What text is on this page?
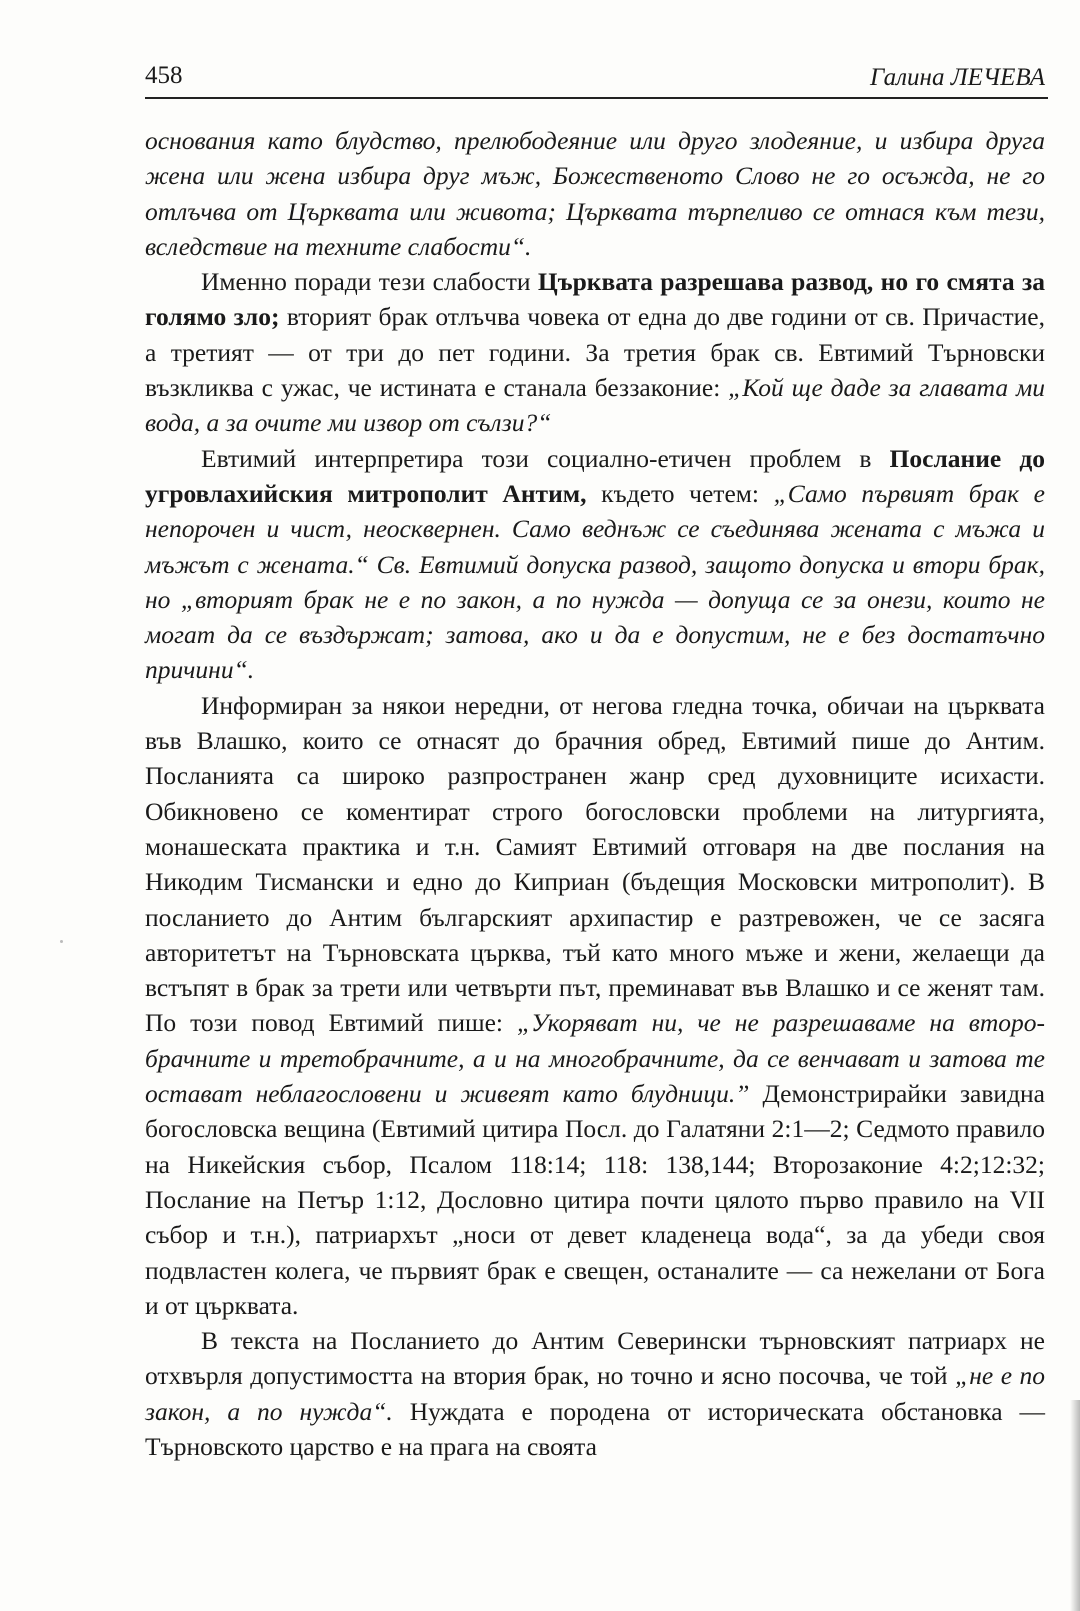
458	Галина ЛЕЧЕВА

основания като блудство, прелюбодеяние или друго злодеяние, и избира друга жена или жена избира друг мъж, Божественото Слово не го осъжда, не го отлъчва от Църквата или живота; Църквата търпеливо се отнася към тези, вследствие на техните слабости“.

Именно поради тези слабости Църквата разрешава развод, но го смята за голямо зло; вторият брак отлъчва човека от една до две години от св. Причастие, а третият — от три до пет години. За третия брак св. Евтимий Търновски възкликва с ужас, че истината е станала беззаконие: „Кой ще даде за главата ми вода, а за очите ми извор от сълзи?“

Евтимий интерпретира този социално-етичен проблем в Послание до угровлахийския митрополит Антим, където четем: „Само първият брак е непорочен и чист, неосквернен. Само веднъж се съединява жената с мъжа и мъжът с жената.“ Св. Евтимий допуска развод, защото допуска и втори брак, но „вторият брак не е по закон, а по нужда — допуща се за онези, които не могат да се въздържат; затова, ако и да е допустим, не е без достатъчно причини“.

Информиран за някои нередни, от негова гледна точка, обичаи на църквата във Влашко, които се отнасят до брачния обред, Евтимий пише до Антим. Посланията са широко разпространен жанр сред духовниците исихасти. Обикновено се коментират строго богословски проблеми на литургията, монашеската практика и т.н. Самият Евтимий отговаря на две послания на Никодим Тисмански и едно до Киприан (бъдещия Московски митрополит). В посланието до Антим българският архипастир е разтревожен, че се засяга авторитетът на Търновската църква, тъй като много мъже и жени, желаещи да встъпят в брак за трети или четвърти път, преминават във Влашко и се женят там. По този повод Евтимий пише: „Укоряват ни, че не разрешаваме на второбрачните и третобрачните, а и на многобрачните, да се венчават и затова те остават неблагословени и живеят като блудници.” Демонстрирайки завидна богословска вещина (Евтимий цитира Посл. до Галатяни 2:1—2; Седмото правило на Никейския събор, Псалом 118:14; 118: 138,144; Второзаконие 4:2;12:32; Послание на Петър 1:12, Дословно цитира почти цялото първо правило на VII събор и т.н.), патриархът „носи от девет кладенеца вода“, за да убеди своя подвластен колега, че първият брак е свещен, останалите — са нежелани от Бога и от църквата.

В текста на Посланието до Антим Северински търновският патриарх не отхвърля допустимостта на втория брак, но точно и ясно посочва, че той „не е по закон, а по нужда“. Нуждата е породена от историческата обстановка — Търновското царство е на прага на своята
